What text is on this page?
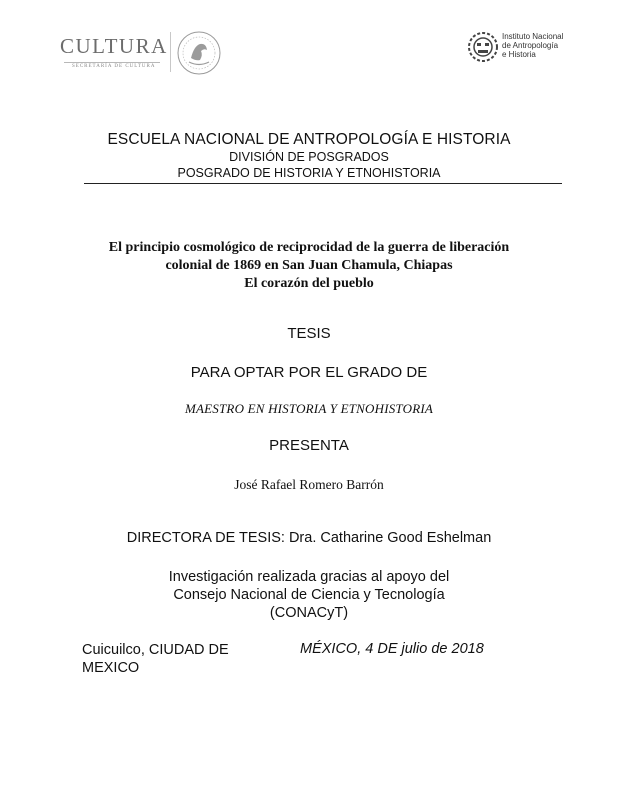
CULTURA
SECRETARÍA DE CULTURA
Instituto Nacional
de Antropología
e Historia
ESCUELA NACIONAL DE ANTROPOLOGÍA E HISTORIA
DIVISIÓN DE POSGRADOS
POSGRADO DE HISTORIA Y ETNOHISTORIA
El principio cosmológico de reciprocidad de la guerra de liberación
colonial de 1869 en San Juan Chamula, Chiapas
El corazón del pueblo
TESIS
PARA OPTAR POR EL GRADO DE
MAESTRO EN HISTORIA Y ETNOHISTORIA
PRESENTA
José Rafael Romero Barrón
DIRECTORA DE TESIS: Dra. Catharine Good Eshelman
Investigación realizada gracias al apoyo del
Consejo Nacional de Ciencia y Tecnología
(CONACyT)
Cuicuilco, CIUDAD DE
MEXICO
MÉXICO, 4 DE julio de 2018
